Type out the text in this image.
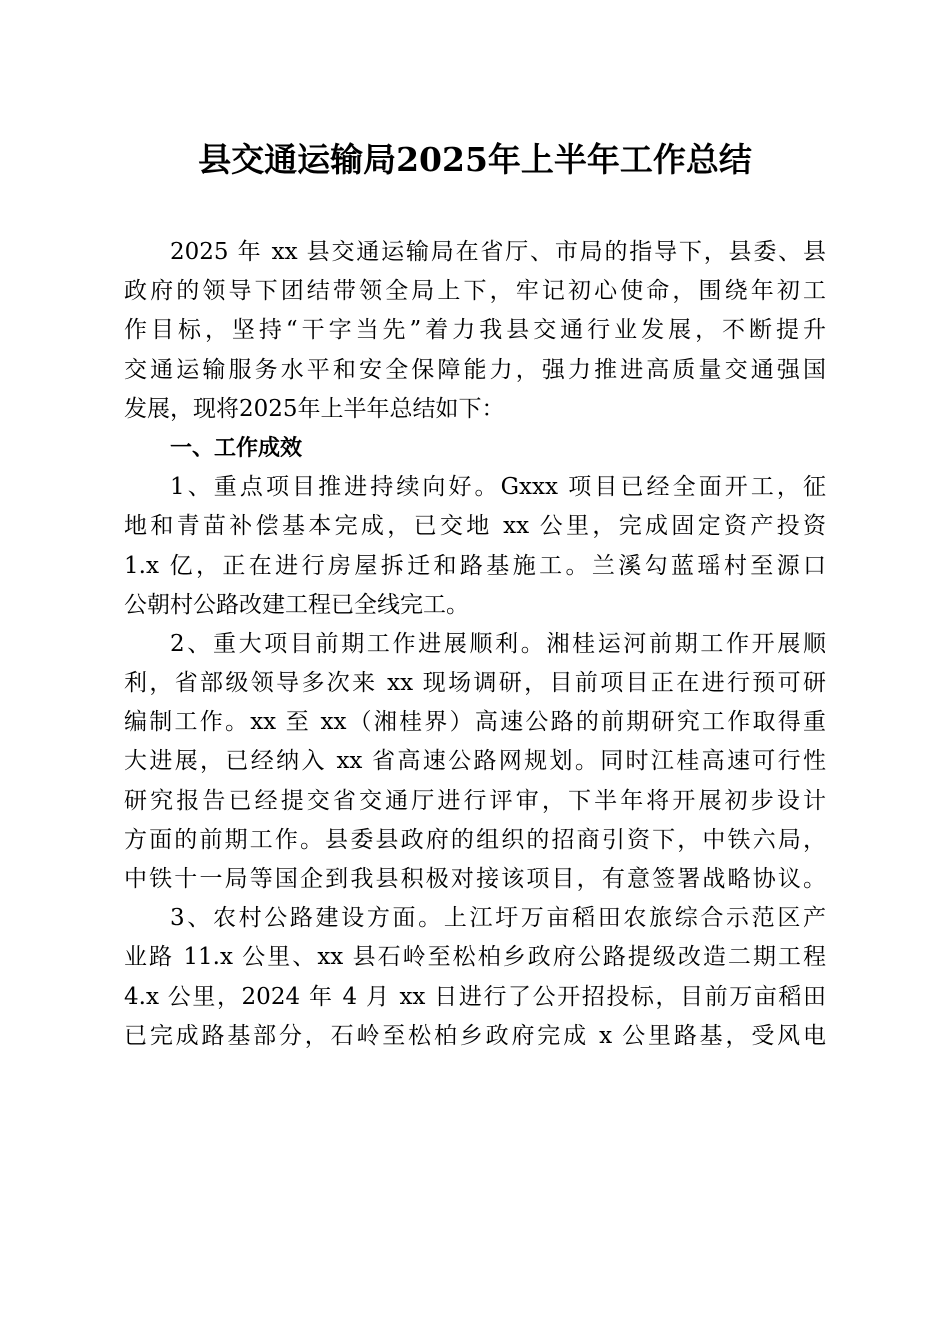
县交通运输局2025年上半年工作总结
2025 年 xx 县交通运输局在省厅、市局的指导下，县委、县
政府的领导下团结带领全局上下，牢记初心使命，围绕年初工
作目标，坚持“干字当先”着力我县交通行业发展，不断提升
交通运输服务水平和安全保障能力，强力推进高质量交通强国
发展，现将2025年上半年总结如下：
一、工作成效
1、重点项目推进持续向好。Gxxx 项目已经全面开工，征
地和青苗补偿基本完成，已交地 xx 公里，完成固定资产投资
1.x 亿，正在进行房屋拆迁和路基施工。兰溪勾蓝瑶村至源口
公朝村公路改建工程已全线完工。
2、重大项目前期工作进展顺利。湘桂运河前期工作开展顺
利，省部级领导多次来 xx 现场调研，目前项目正在进行预可研
编制工作。xx 至 xx（湘桂界）高速公路的前期研究工作取得重
大进展，已经纳入 xx 省高速公路网规划。同时江桂高速可行性
研究报告已经提交省交通厅进行评审，下半年将开展初步设计
方面的前期工作。县委县政府的组织的招商引资下，中铁六局，
中铁十一局等国企到我县积极对接该项目，有意签署战略协议。
3、农村公路建设方面。上江圩万亩稻田农旅综合示范区产
业路 11.x 公里、xx 县石岭至松柏乡政府公路提级改造二期工程
4.x 公里，2024 年 4 月 xx 日进行了公开招投标，目前万亩稻田
已完成路基部分，石岭至松柏乡政府完成 x 公里路基，受风电
